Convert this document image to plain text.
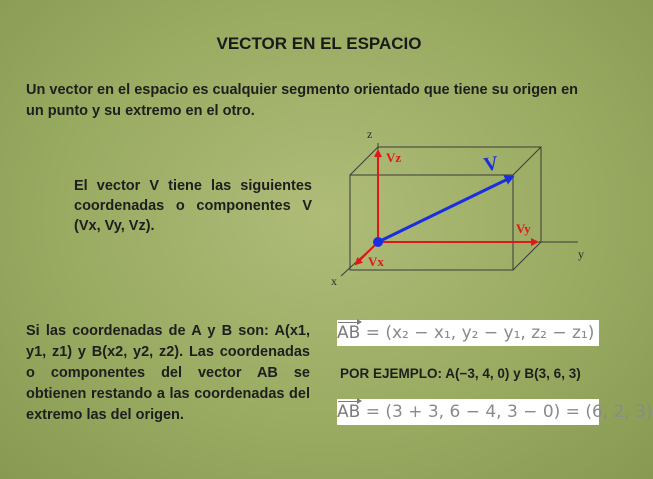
VECTOR EN EL ESPACIO
Un vector en el espacio es cualquier segmento orientado que tiene su origen en un punto y su extremo en el otro.
El vector V tiene las siguientes coordenadas o componentes V (Vx, Vy, Vz).
z
y
x
Vz
Vy
Vx
V
Si las coordenadas de A y B son: A(x1, y1, z1) y B(x2, y2, z2). Las coordenadas o componentes del vector AB se obtienen restando a las coordenadas del extremo las del origen.
AB = (x₂ − x₁, y₂ − y₁, z₂ − z₁)
POR EJEMPLO: A(−3, 4, 0) y B(3, 6, 3)
AB = (3 + 3, 6 − 4, 3 − 0) = (6, 2, 3)
